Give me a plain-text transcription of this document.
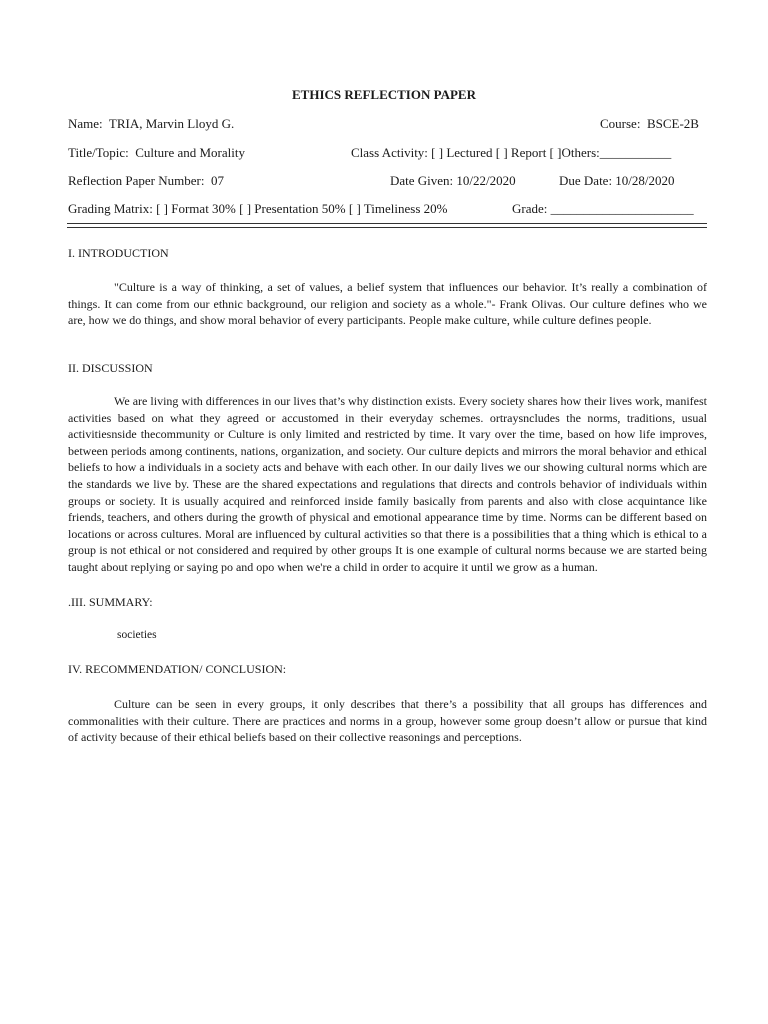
ETHICS REFLECTION PAPER
Name:  TRIA, Marvin Lloyd G.	Course:  BSCE-2B
Title/Topic:  Culture and Morality	Class Activity: [ ] Lectured [ ] Report [ ]Others:___________
Reflection Paper Number:  07	Date Given: 10/22/2020	Due Date: 10/28/2020
Grading Matrix: [ ] Format 30% [ ] Presentation 50% [ ] Timeliness 20%	Grade: ______________________
I. INTRODUCTION
"Culture is a way of thinking, a set of values, a belief system that influences our behavior. It’s really a combination of things. It can come from our ethnic background, our religion and society as a whole."- Frank Olivas. Our culture defines who we are, how we do things, and show moral behavior of every participants. People make culture, while culture defines people.
II. DISCUSSION
We are living with differences in our lives that’s why distinction exists. Every society shares how their lives work, manifest activities based on what they agreed or accustomed in their everyday schemes. ortraysncludes the norms, traditions, usual activitiesnside thecommunity or Culture is only limited and restricted by time. It vary over the time, based on how life improves, between periods among continents, nations, organization, and society. Our culture depicts and mirrors the moral behavior and ethical beliefs to how a individuals in a society acts and behave with each other. In our daily lives we our showing cultural norms which are the standards we live by. These are the shared expectations and regulations that directs and controls behavior of individuals within groups or society. It is usually acquired and reinforced inside family basically from parents and also with close acquintance like friends, teachers, and others during the growth of physical and emotional appearance time by time. Norms can be different based on locations or across cultures. Moral are influenced by cultural activities so that there is a possibilities that a thing which is ethical to a group is not ethical or not considered and required by other groups It is one example of cultural norms because we are started being taught about replying or saying po and opo when we're a child in order to acquire it until we grow as a human.
.III. SUMMARY:
societies
IV. RECOMMENDATION/ CONCLUSION:
Culture can be seen in every groups, it only describes that there’s a possibility that all groups has differences and commonalities with their culture. There are practices and norms in a group, however some group doesn’t allow or pursue that kind of activity because of their ethical beliefs based on their collective reasonings and perceptions.
